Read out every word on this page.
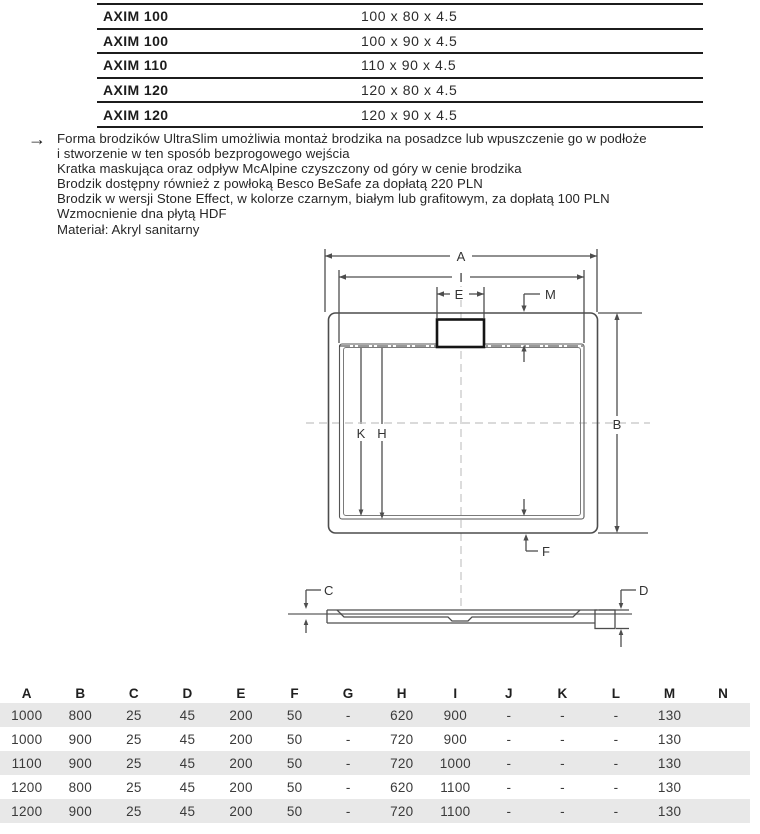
AXIM 100	100 x 80 x 4.5
AXIM 100	100 x 90 x 4.5
AXIM 110	110 x 90 x 4.5
AXIM 120	120 x 80 x 4.5
AXIM 120	120 x 90 x 4.5
→ Forma brodzików UltraSlim umożliwia montaż brodzika na posadzce lub wpuszczenie go w podłoże
i stworzenie w ten sposób bezprogowego wejścia
Kratka maskująca oraz odpływ McAlpine czyszczony od góry w cenie brodzika
Brodzik dostępny również z powłoką Besco BeSafe za dopłatą 220 PLN
Brodzik w wersji Stone Effect, w kolorze czarnym, białym lub grafitowym, za dopłatą 100 PLN
Wzmocnienie dna płytą HDF
Materiał: Akryl sanitarny
A
I
E	M
B
K H
F
C	D
A	B	C	D	E	F	G	H	I	J	K	L	M	N
1000	800	25	45	200	50	-	620	900	-	-	-	130
1000	900	25	45	200	50	-	720	900	-	-	-	130
1100	900	25	45	200	50	-	720	1000	-	-	-	130
1200	800	25	45	200	50	-	620	1100	-	-	-	130
1200	900	25	45	200	50	-	720	1100	-	-	-	130
